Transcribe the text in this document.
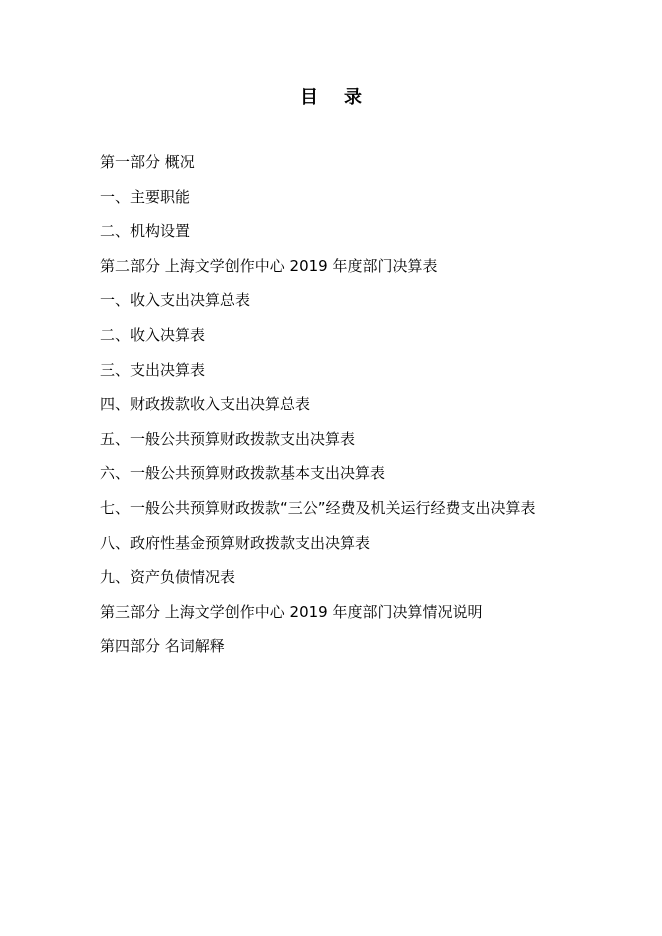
目 录
第一部分 概况
一、主要职能
二、机构设置
第二部分 上海文学创作中心 2019 年度部门决算表
一、收入支出决算总表
二、收入决算表
三、支出决算表
四、财政拨款收入支出决算总表
五、一般公共预算财政拨款支出决算表
六、一般公共预算财政拨款基本支出决算表
七、一般公共预算财政拨款“三公”经费及机关运行经费支出决算表
八、政府性基金预算财政拨款支出决算表
九、资产负债情况表
第三部分 上海文学创作中心 2019 年度部门决算情况说明
第四部分 名词解释
